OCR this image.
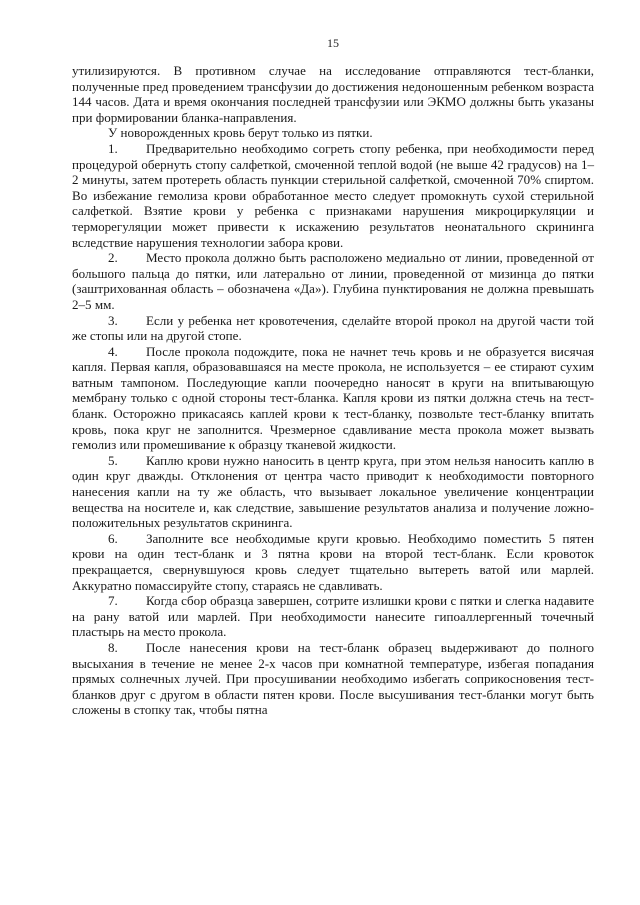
15

утилизируются. В противном случае на исследование отправляются тест-бланки, полученные пред проведением трансфузии до достижения недоношенным ребенком возраста 144 часов. Дата и время окончания последней трансфузии или ЭКМО должны быть указаны при формировании бланка-направления.

У новорожденных кровь берут только из пятки.

1. Предварительно необходимо согреть стопу ребенка, при необходимости перед процедурой обернуть стопу салфеткой, смоченной теплой водой (не выше 42 градусов) на 1–2 минуты, затем протереть область пункции стерильной салфеткой, смоченной 70% спиртом. Во избежание гемолиза крови обработанное место следует промокнуть сухой стерильной салфеткой. Взятие крови у ребенка с признаками нарушения микроциркуляции и терморегуляции может привести к искажению результатов неонатального скрининга вследствие нарушения технологии забора крови.

2. Место прокола должно быть расположено медиально от линии, проведенной от большого пальца до пятки, или латерально от линии, проведенной от мизинца до пятки (заштрихованная область – обозначена «Да»). Глубина пунктирования не должна превышать 2–5 мм.

3. Если у ребенка нет кровотечения, сделайте второй прокол на другой части той же стопы или на другой стопе.

4. После прокола подождите, пока не начнет течь кровь и не образуется висячая капля. Первая капля, образовавшаяся на месте прокола, не используется – ее стирают сухим ватным тампоном. Последующие капли поочередно наносят в круги на впитывающую мембрану только с одной стороны тест-бланка. Капля крови из пятки должна стечь на тест-бланк. Осторожно прикасаясь каплей крови к тест-бланку, позвольте тест-бланку впитать кровь, пока круг не заполнится. Чрезмерное сдавливание места прокола может вызвать гемолиз или промешивание к образцу тканевой жидкости.

5. Каплю крови нужно наносить в центр круга, при этом нельзя наносить каплю в один круг дважды. Отклонения от центра часто приводит к необходимости повторного нанесения капли на ту же область, что вызывает локальное увеличение концентрации вещества на носителе и, как следствие, завышение результатов анализа и получение ложно-положительных результатов скрининга.

6. Заполните все необходимые круги кровью. Необходимо поместить 5 пятен крови на один тест-бланк и 3 пятна крови на второй тест-бланк. Если кровоток прекращается, свернувшуюся кровь следует тщательно вытереть ватой или марлей. Аккуратно помассируйте стопу, стараясь не сдавливать.

7. Когда сбор образца завершен, сотрите излишки крови с пятки и слегка надавите на рану ватой или марлей. При необходимости нанесите гипоаллергенный точечный пластырь на место прокола.

8. После нанесения крови на тест-бланк образец выдерживают до полного высыхания в течение не менее 2-х часов при комнатной температуре, избегая попадания прямых солнечных лучей. При просушивании необходимо избегать соприкосновения тест-бланков друг с другом в области пятен крови. После высушивания тест-бланки могут быть сложены в стопку так, чтобы пятна
